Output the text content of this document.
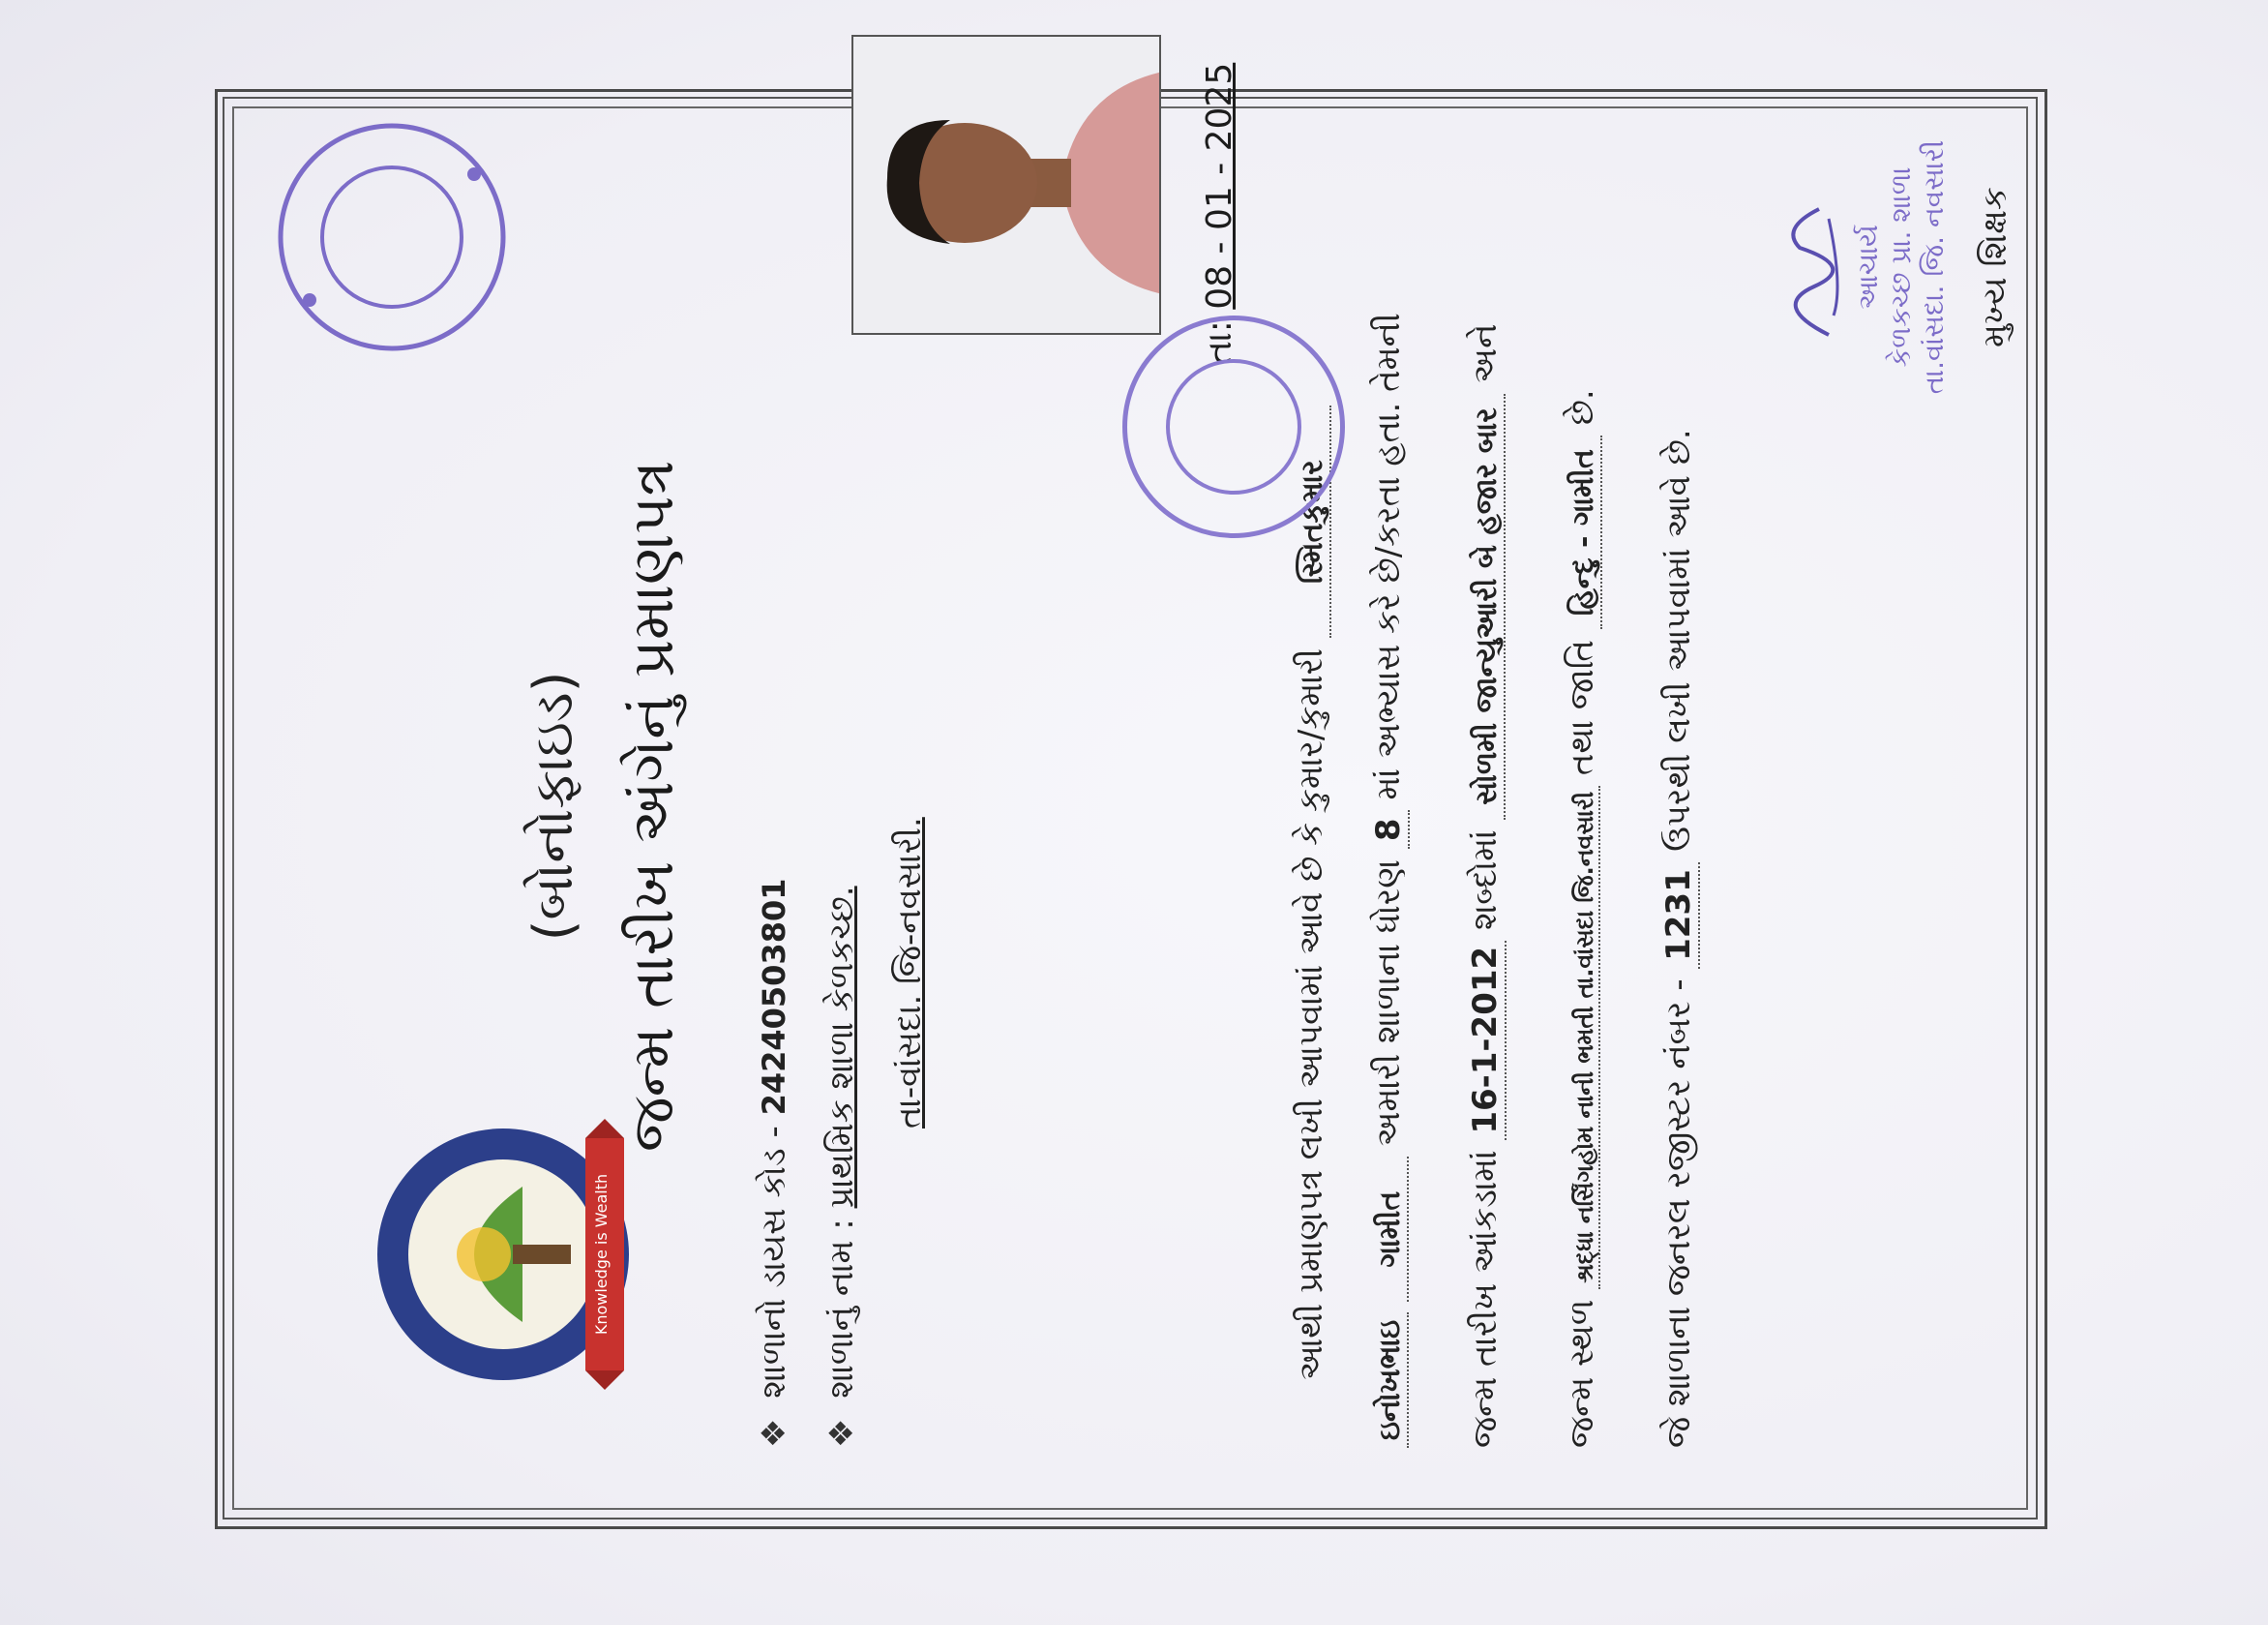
Knowledge is Wealth
(બોનોફાઇડ) જન્મ તારીખ અંગેનું પ્રમાણપત્ર
❖ શાળાનો ડાયસ કોડ - 24240503801
❖ શાળાનું નામ : પ્રાથમિક શાળા કેળકચ્છ. તા-વાંસદા. જિ-નવસારી.
તા: 08 - 01 - 2025
આથી પ્રમાણપત્ર લખી આપવામાં આવે છે કે કુમાર/કુમારી સ્મિતકુમાર
ઇનોખભાઇ ગામીત અમારી શાળાના ધોરણ 8 માં અભ્યાસ કરે છે/કરતા હતા. તેમની
જન્મ તારીખ આંકડામાં 16-1-2012 શબ્દોમાં સોળમી જાન્યુઆરી બે હજાર બાર અને
જન્મ સ્થળ શ્રદ્ધા નર્સિંગહોમ નાની ભમતી તા.વાંસદા જિ.નવસારી તથા જાતિ હિન્દુ - ગામીત છે.
જે શાળાના જનરલ રજીસ્ટર નંબર - 1231 ઉપરથી લખી આપવામાં આવે છે.
આચાર્ય કેળકચ્છ પ્રા. શાળા તા.વાંસદા. જિ. નવસારી મુખ્ય શિક્ષક
